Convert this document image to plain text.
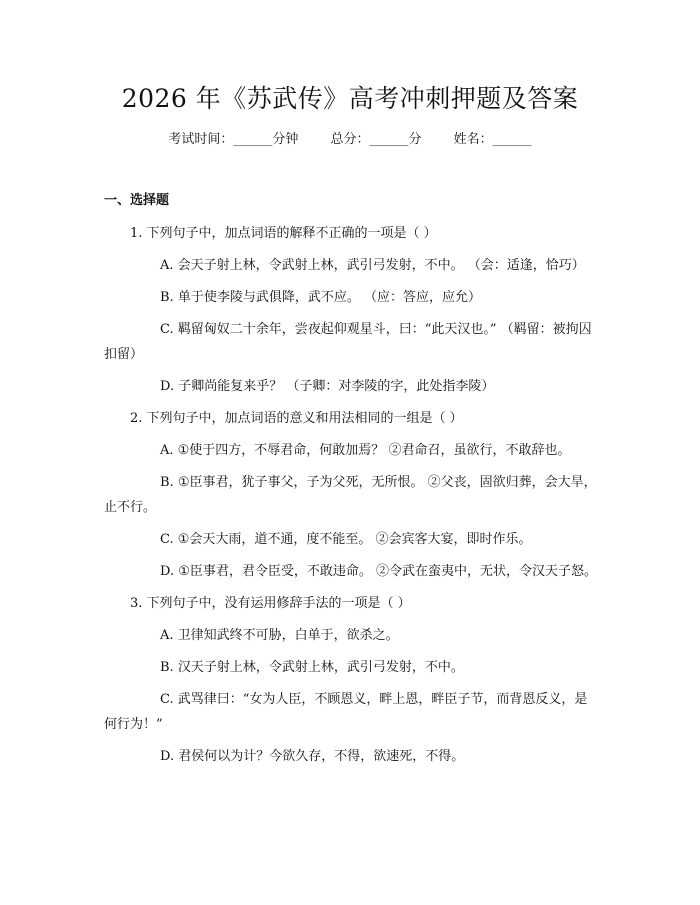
2026 年《苏武传》高考冲刺押题及答案
考试时间：______分钟 总分：______分 姓名：______
一、选择题

1. 下列句子中，加点词语的解释不正确的一项是（ ）

A. 会天子射上林，令武射上林，武引弓发射，不中。 （会：适逢，恰巧）

B. 单于使李陵与武俱降，武不应。 （应：答应，应允）

C. 羁留匈奴二十余年，尝夜起仰观星斗，曰：“此天汉也。” （羁留：被拘囚扣留）

D. 子卿尚能复来乎？ （子卿：对李陵的字，此处指李陵）

2. 下列句子中，加点词语的意义和用法相同的一组是（ ）

A. ①使于四方，不辱君命，何敢加焉？ ②君命召，虽欲行，不敢辞也。

B. ①臣事君，犹子事父，子为父死，无所恨。 ②父丧，固欲归葬，会大旱，止不行。

C. ①会天大雨，道不通，度不能至。 ②会宾客大宴，即时作乐。

D. ①臣事君，君令臣受，不敢违命。 ②令武在蛮夷中，无状，令汉天子怒。

3. 下列句子中，没有运用修辞手法的一项是（ ）

A. 卫律知武终不可胁，白单于，欲杀之。

B. 汉天子射上林，令武射上林，武引弓发射，不中。

C. 武骂律曰：“女为人臣，不顾恩义，畔上恩，畔臣子节，而背恩反义，是何行为！”

D. 君侯何以为计？今欲久存，不得，欲速死，不得。
